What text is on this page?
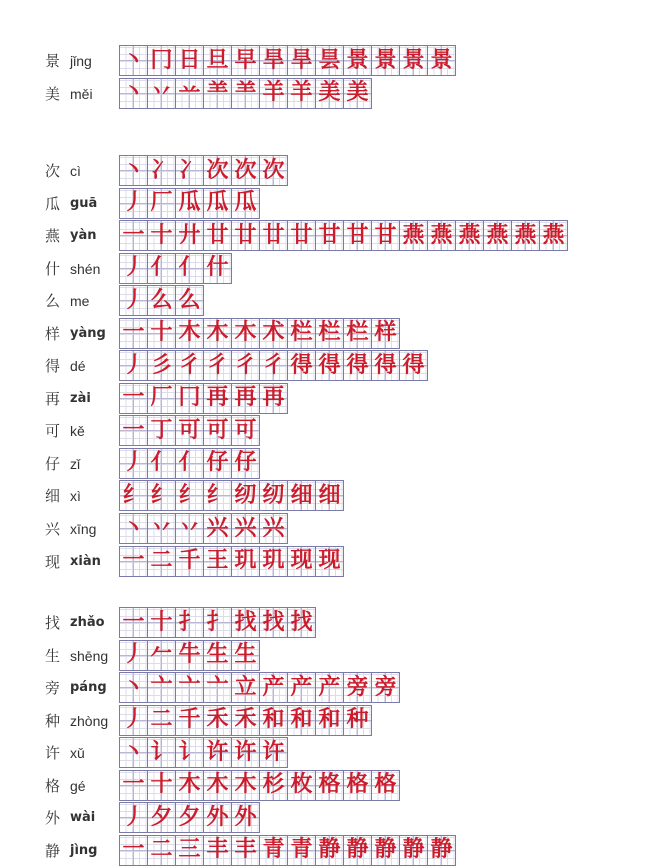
景 jǐng 丶 冂 日 旦 早 旱 旱 昙 景 景 景 景
美 měi 丶 丷 䒑 ⺷ ⺷ 羊 羊 美 美
次 cì 丶 冫 冫 次 次 次
瓜 guā 丿 厂 瓜 瓜 瓜
燕 yàn 一 十 廾 廿 廿 廿 廿 甘 甘 甘 燕 燕 燕 燕 燕 燕
什 shén 丿 亻 亻 什
么 me 丿 么 么
样 yàng 一 十 木 木 木 术 栏 栏 栏 样
得 dé 丿 彡 彳 彳 彳 彳 得 得 得 得 得
再 zài 一 厂 冂 再 再 再
可 kě 一 丁 可 可 可
仔 zǐ 丿 亻 亻 仔 仔
细 xì 纟 纟 纟 纟 纫 纫 细 细
兴 xīng 丶 丷 丷 兴 兴 兴
现 xiàn 一 二 千 王 玑 玑 现 现
找 zhǎo 一 十 扌 扌 找 找 找
生 shēng 丿 𠂉 牛 生 生
旁 páng 丶 亠 亠 亠 立 产 产 产 旁 旁
种 zhòng 丿 二 千 禾 禾 和 和 和 种
许 xǔ 丶 讠 讠 许 许 许
格 gé 一 十 木 木 木 杉 枚 格 格 格
外 wài 丿 夕 夕 外 外
静 jìng 一 二 三 丰 丰 青 青 静 静 静 静 静
